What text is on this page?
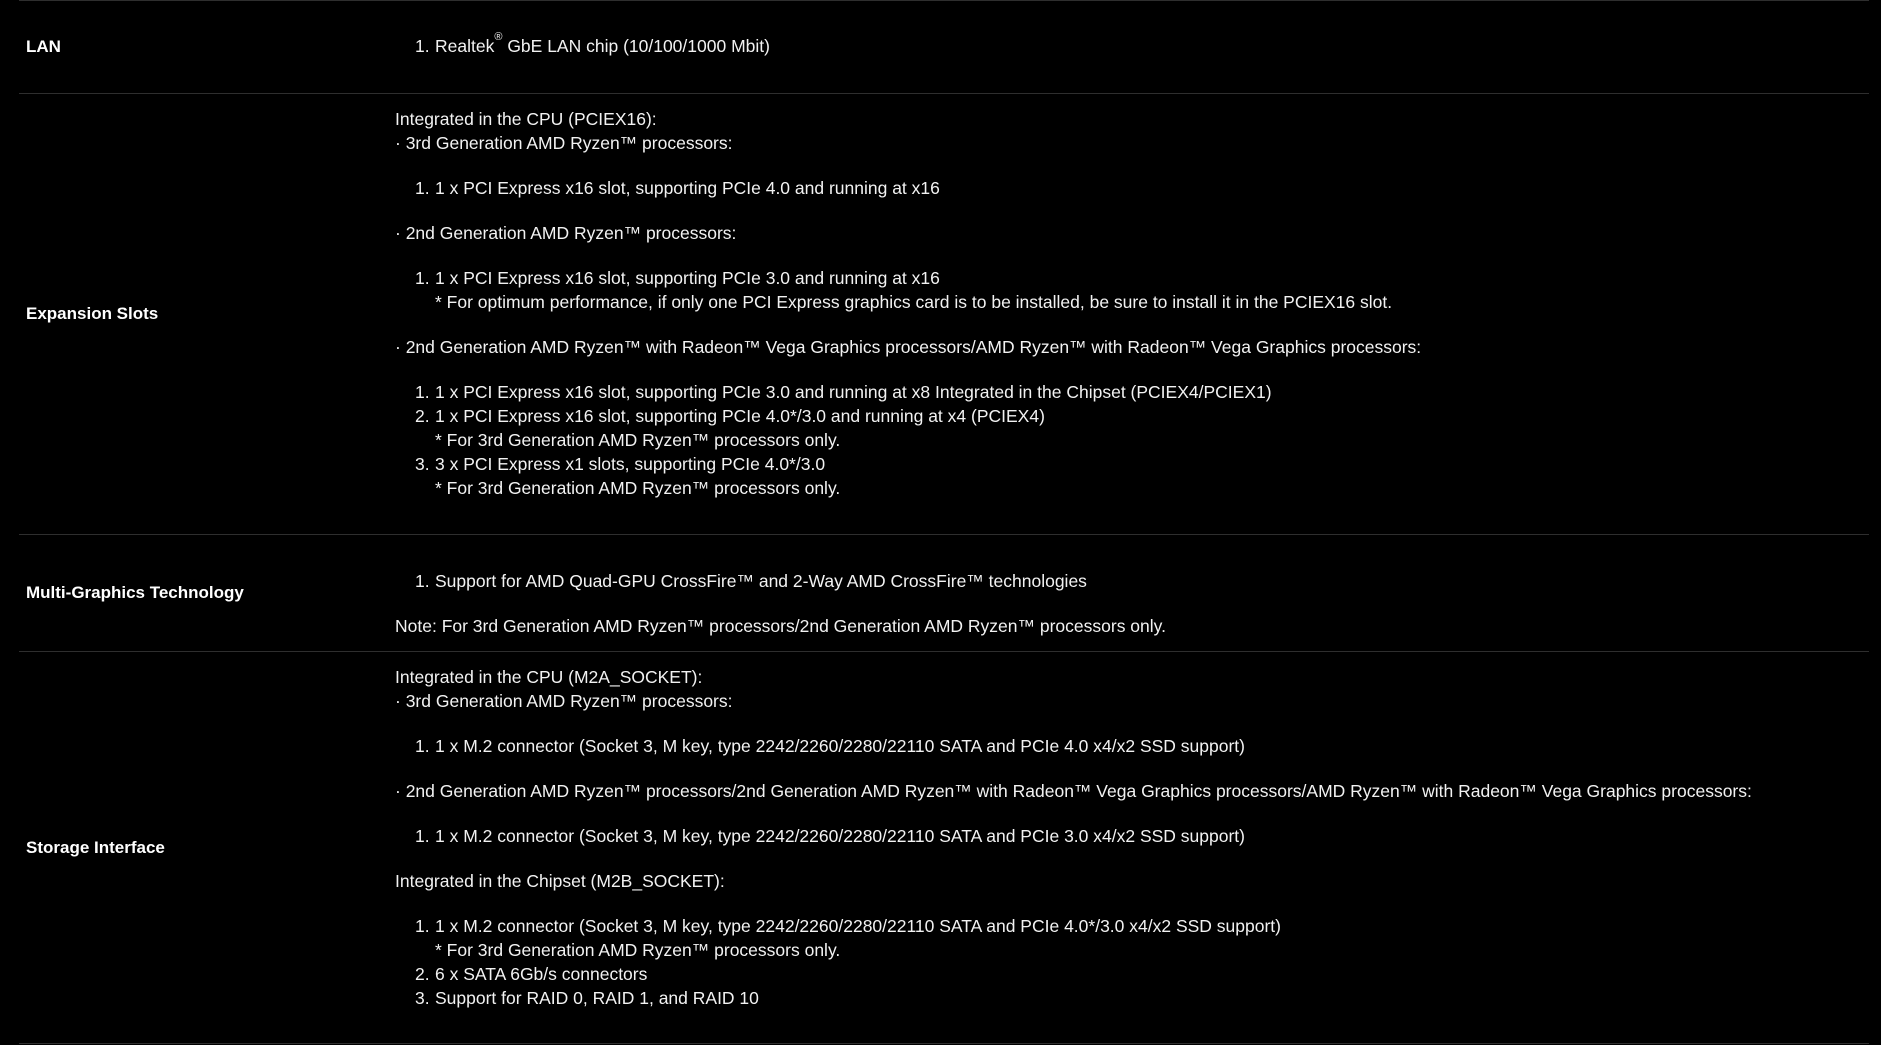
LAN	1. Realtek® GbE LAN chip (10/100/1000 Mbit)
Expansion Slots
Integrated in the CPU (PCIEX16):
· 3rd Generation AMD Ryzen™ processors:
1. 1 x PCI Express x16 slot, supporting PCIe 4.0 and running at x16
· 2nd Generation AMD Ryzen™ processors:
1. 1 x PCI Express x16 slot, supporting PCIe 3.0 and running at x16
* For optimum performance, if only one PCI Express graphics card is to be installed, be sure to install it in the PCIEX16 slot.
· 2nd Generation AMD Ryzen™ with Radeon™ Vega Graphics processors/AMD Ryzen™ with Radeon™ Vega Graphics processors:
1. 1 x PCI Express x16 slot, supporting PCIe 3.0 and running at x8 Integrated in the Chipset (PCIEX4/PCIEX1)
2. 1 x PCI Express x16 slot, supporting PCIe 4.0*/3.0 and running at x4 (PCIEX4)
* For 3rd Generation AMD Ryzen™ processors only.
3. 3 x PCI Express x1 slots, supporting PCIe 4.0*/3.0
* For 3rd Generation AMD Ryzen™ processors only.
Multi-Graphics Technology
1. Support for AMD Quad-GPU CrossFire™ and 2-Way AMD CrossFire™ technologies
Note: For 3rd Generation AMD Ryzen™ processors/2nd Generation AMD Ryzen™ processors only.
Storage Interface
Integrated in the CPU (M2A_SOCKET):
· 3rd Generation AMD Ryzen™ processors:
1. 1 x M.2 connector (Socket 3, M key, type 2242/2260/2280/22110 SATA and PCIe 4.0 x4/x2 SSD support)
· 2nd Generation AMD Ryzen™ processors/2nd Generation AMD Ryzen™ with Radeon™ Vega Graphics processors/AMD Ryzen™ with Radeon™ Vega Graphics processors:
1. 1 x M.2 connector (Socket 3, M key, type 2242/2260/2280/22110 SATA and PCIe 3.0 x4/x2 SSD support)
Integrated in the Chipset (M2B_SOCKET):
1. 1 x M.2 connector (Socket 3, M key, type 2242/2260/2280/22110 SATA and PCIe 4.0*/3.0 x4/x2 SSD support)
* For 3rd Generation AMD Ryzen™ processors only.
2. 6 x SATA 6Gb/s connectors
3. Support for RAID 0, RAID 1, and RAID 10
